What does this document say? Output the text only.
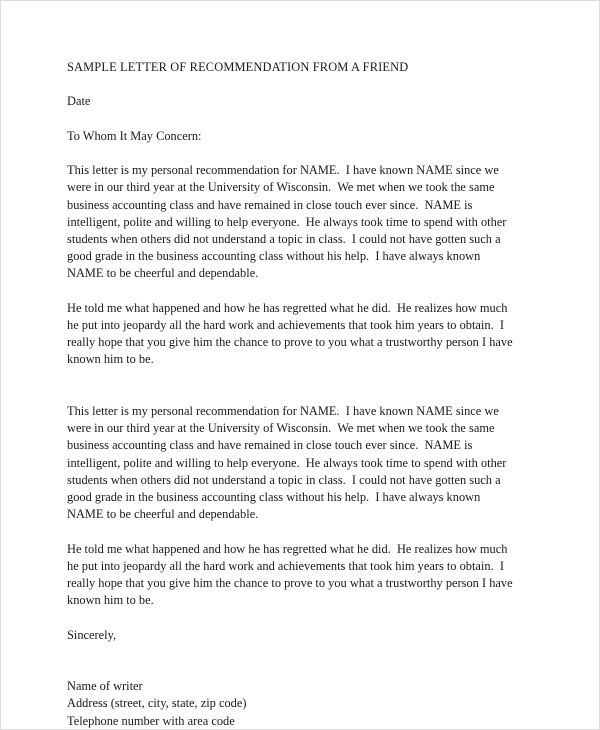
SAMPLE LETTER OF RECOMMENDATION FROM A FRIEND

Date

To Whom It May Concern:

This letter is my personal recommendation for NAME.  I have known NAME since we

were in our third year at the University of Wisconsin.  We met when we took the same

business accounting class and have remained in close touch ever since.  NAME is

intelligent, polite and willing to help everyone.  He always took time to spend with other

students when others did not understand a topic in class.  I could not have gotten such a

good grade in the business accounting class without his help.  I have always known

NAME to be cheerful and dependable.

He told me what happened and how he has regretted what he did.  He realizes how much

he put into jeopardy all the hard work and achievements that took him years to obtain.  I

really hope that you give him the chance to prove to you what a trustworthy person I have

known him to be.

This letter is my personal recommendation for NAME.  I have known NAME since we

were in our third year at the University of Wisconsin.  We met when we took the same

business accounting class and have remained in close touch ever since.  NAME is

intelligent, polite and willing to help everyone.  He always took time to spend with other

students when others did not understand a topic in class.  I could not have gotten such a

good grade in the business accounting class without his help.  I have always known

NAME to be cheerful and dependable.

He told me what happened and how he has regretted what he did.  He realizes how much

he put into jeopardy all the hard work and achievements that took him years to obtain.  I

really hope that you give him the chance to prove to you what a trustworthy person I have

known him to be.

Sincerely,

Name of writer

Address (street, city, state, zip code)

Telephone number with area code
